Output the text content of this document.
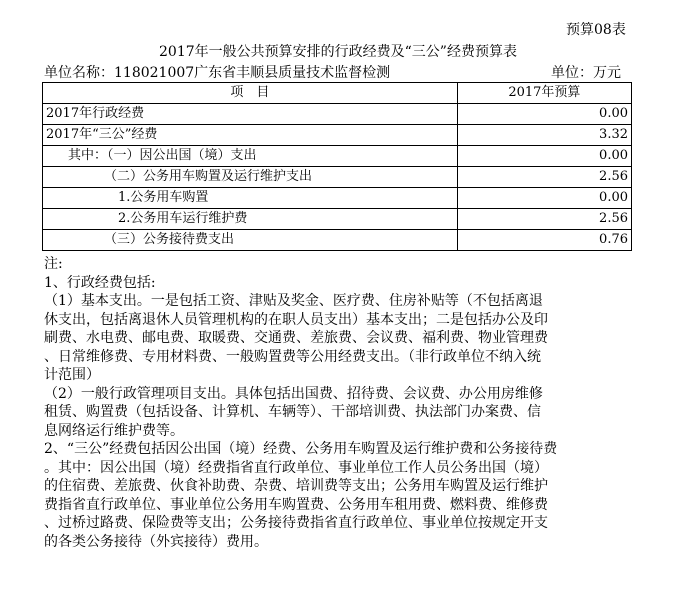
预算08表
2017年一般公共预算安排的行政经费及“三公”经费预算表
单位名称：118021007广东省丰顺县质量技术监督检测	单位：万元
项　目	2017年预算
2017年行政经费	0.00
2017年“三公”经费	3.32
其中：（一）因公出国（境）支出	0.00
（二）公务用车购置及运行维护支出	2.56
1.公务用车购置	0.00
2.公务用车运行维护费	2.56
（三）公务接待费支出	0.76

注:

1、行政经费包括:

（1）基本支出。一是包括工资、津贴及奖金、医疗费、住房补贴等（不包括离退

休支出，包括离退休人员管理机构的在职人员支出）基本支出；二是包括办公及印

刷费、水电费、邮电费、取暖费、交通费、差旅费、会议费、福利费、物业管理费

、日常维修费、专用材料费、一般购置费等公用经费支出。（非行政单位不纳入统

计范围）

（2）一般行政管理项目支出。具体包括出国费、招待费、会议费、办公用房维修

租赁、购置费（包括设备、计算机、车辆等）、干部培训费、执法部门办案费、信

息网络运行维护费等。

2、“三公”经费包括因公出国（境）经费、公务用车购置及运行维护费和公务接待费

。其中：因公出国（境）经费指省直行政单位、事业单位工作人员公务出国（境）

的住宿费、差旅费、伙食补助费、杂费、培训费等支出；公务用车购置及运行维护

费指省直行政单位、事业单位公务用车购置费、公务用车租用费、燃料费、维修费

、过桥过路费、保险费等支出；公务接待费指省直行政单位、事业单位按规定开支

的各类公务接待（外宾接待）费用。
